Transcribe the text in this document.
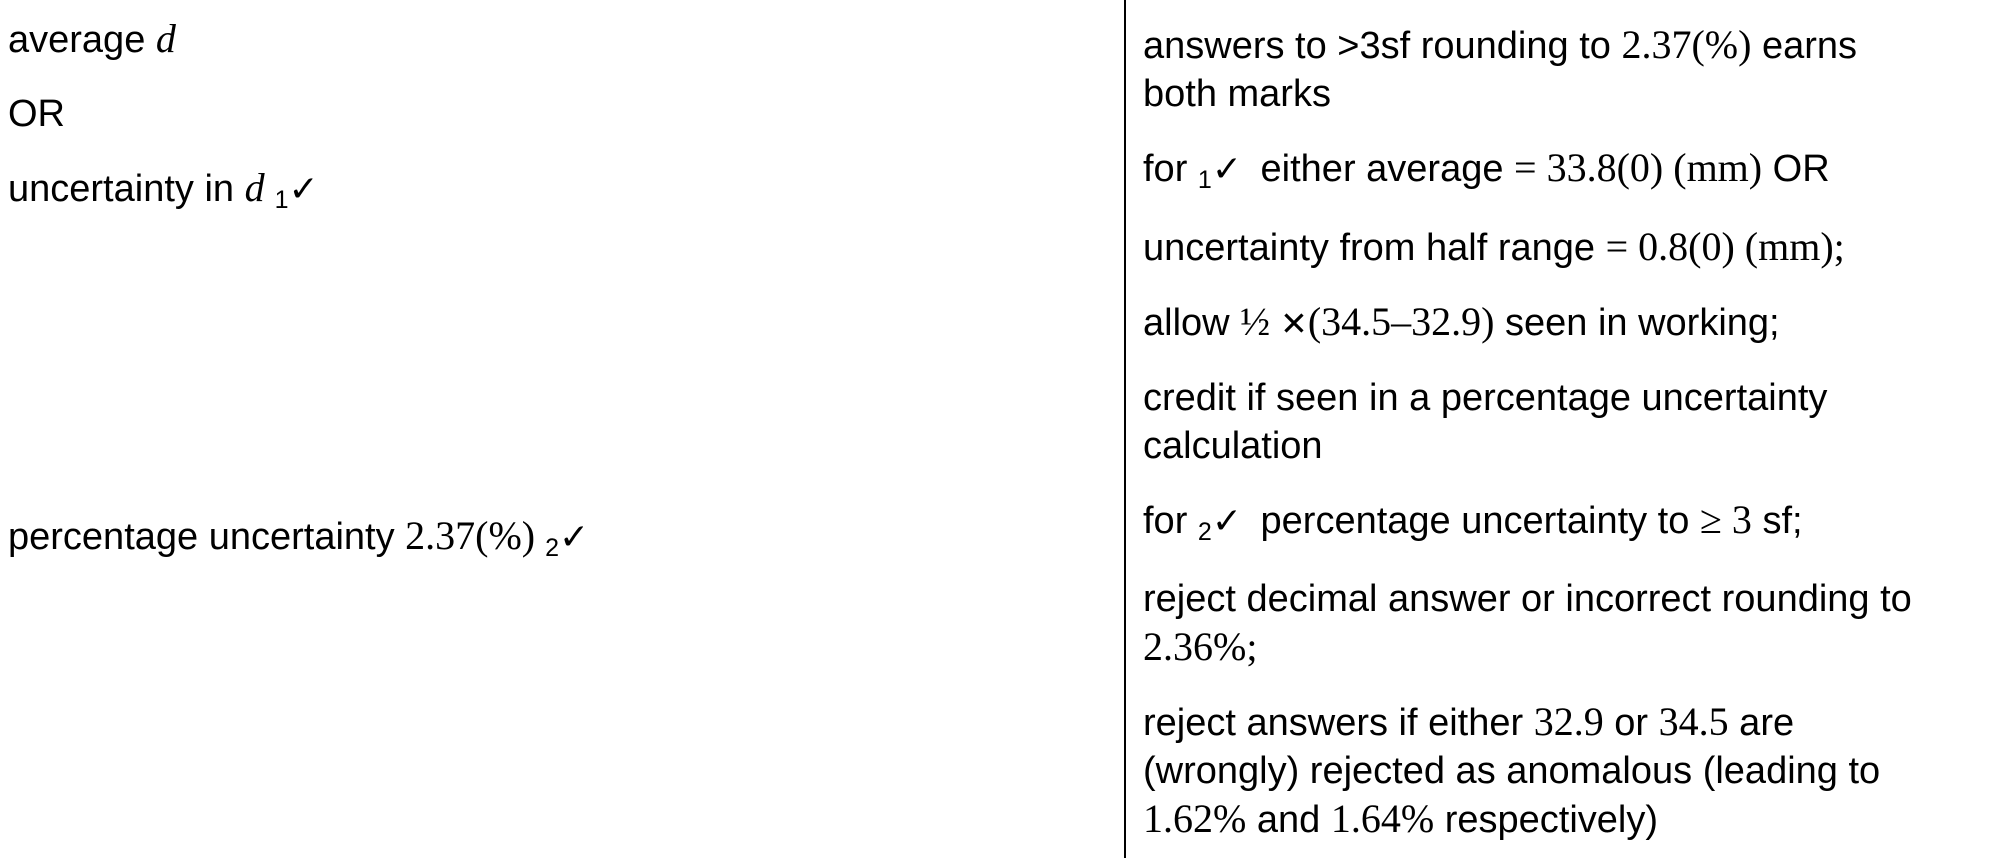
average d
OR
uncertainty in d 1✓
percentage uncertainty 2.37(%) 2✓
answers to >3sf rounding to 2.37(%) earns
both marks
for 1✓ either average = 33.8(0) (mm) OR
uncertainty from half range = 0.8(0) (mm);
allow ½ ✕(34.5–32.9) seen in working;
credit if seen in a percentage uncertainty
calculation
for 2✓ percentage uncertainty to ≥ 3 sf;
reject decimal answer or incorrect rounding to
2.36%;
reject answers if either 32.9 or 34.5 are
(wrongly) rejected as anomalous (leading to
1.62% and 1.64% respectively)
